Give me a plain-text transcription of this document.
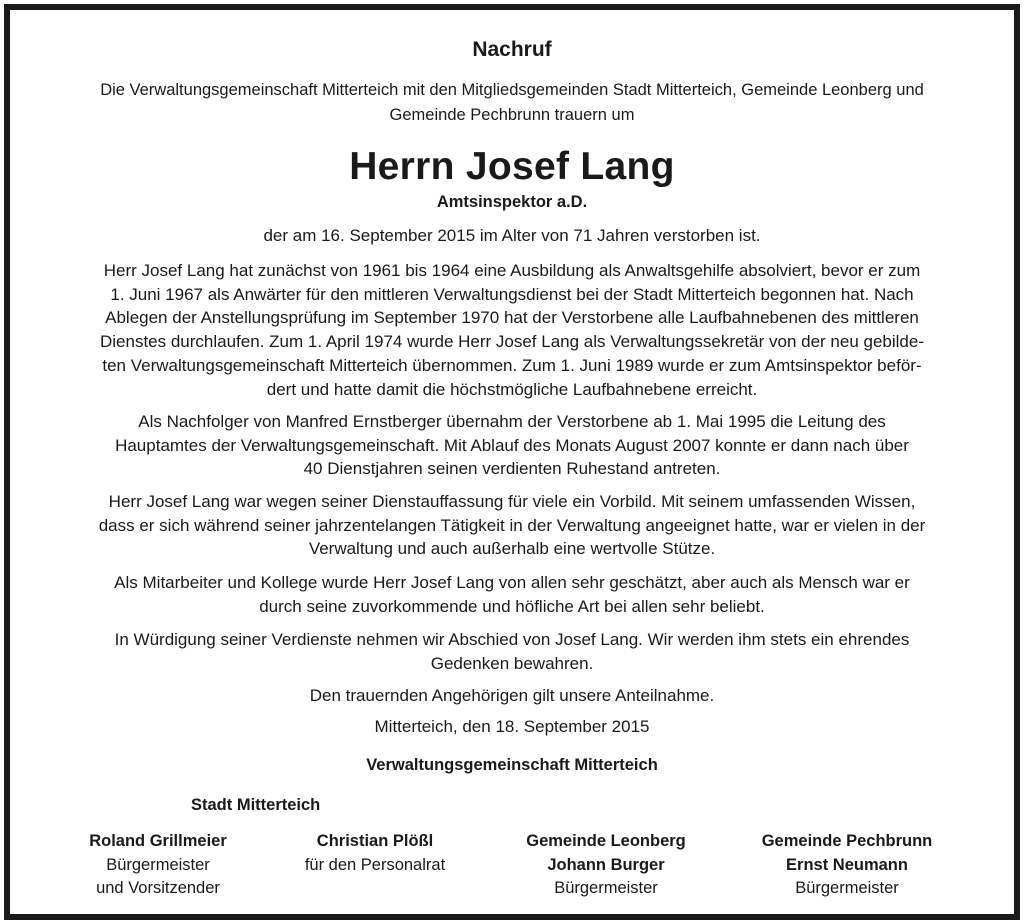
Nachruf
Die Verwaltungsgemeinschaft Mitterteich mit den Mitgliedsgemeinden Stadt Mitterteich, Gemeinde Leonberg und
Gemeinde Pechbrunn trauern um
Herrn Josef Lang
Amtsinspektor a.D.
der am 16. September 2015 im Alter von 71 Jahren verstorben ist.
Herr Josef Lang hat zunächst von 1961 bis 1964 eine Ausbildung als Anwaltsgehilfe absolviert, bevor er zum
1. Juni 1967 als Anwärter für den mittleren Verwaltungsdienst bei der Stadt Mitterteich begonnen hat. Nach
Ablegen der Anstellungsprüfung im September 1970 hat der Verstorbene alle Laufbahnebenen des mittleren
Dienstes durchlaufen. Zum 1. April 1974 wurde Herr Josef Lang als Verwaltungssekretär von der neu gebilde-
ten Verwaltungsgemeinschaft Mitterteich übernommen. Zum 1. Juni 1989 wurde er zum Amtsinspektor beför-
dert und hatte damit die höchstmögliche Laufbahnebene erreicht.
Als Nachfolger von Manfred Ernstberger übernahm der Verstorbene ab 1. Mai 1995 die Leitung des
Hauptamtes der Verwaltungsgemeinschaft. Mit Ablauf des Monats August 2007 konnte er dann nach über
40 Dienstjahren seinen verdienten Ruhestand antreten.
Herr Josef Lang war wegen seiner Dienstauffassung für viele ein Vorbild. Mit seinem umfassenden Wissen,
dass er sich während seiner jahrzentelangen Tätigkeit in der Verwaltung angeeignet hatte, war er vielen in der
Verwaltung und auch außerhalb eine wertvolle Stütze.
Als Mitarbeiter und Kollege wurde Herr Josef Lang von allen sehr geschätzt, aber auch als Mensch war er
durch seine zuvorkommende und höfliche Art bei allen sehr beliebt.
In Würdigung seiner Verdienste nehmen wir Abschied von Josef Lang. Wir werden ihm stets ein ehrendes
Gedenken bewahren.
Den trauernden Angehörigen gilt unsere Anteilnahme.
Mitterteich, den 18. September 2015
Verwaltungsgemeinschaft Mitterteich
Stadt Mitterteich
Roland Grillmeier
Bürgermeister
und Vorsitzender
Christian Plößl
für den Personalrat
Gemeinde Leonberg
Johann Burger
Bürgermeister
Gemeinde Pechbrunn
Ernst Neumann
Bürgermeister
